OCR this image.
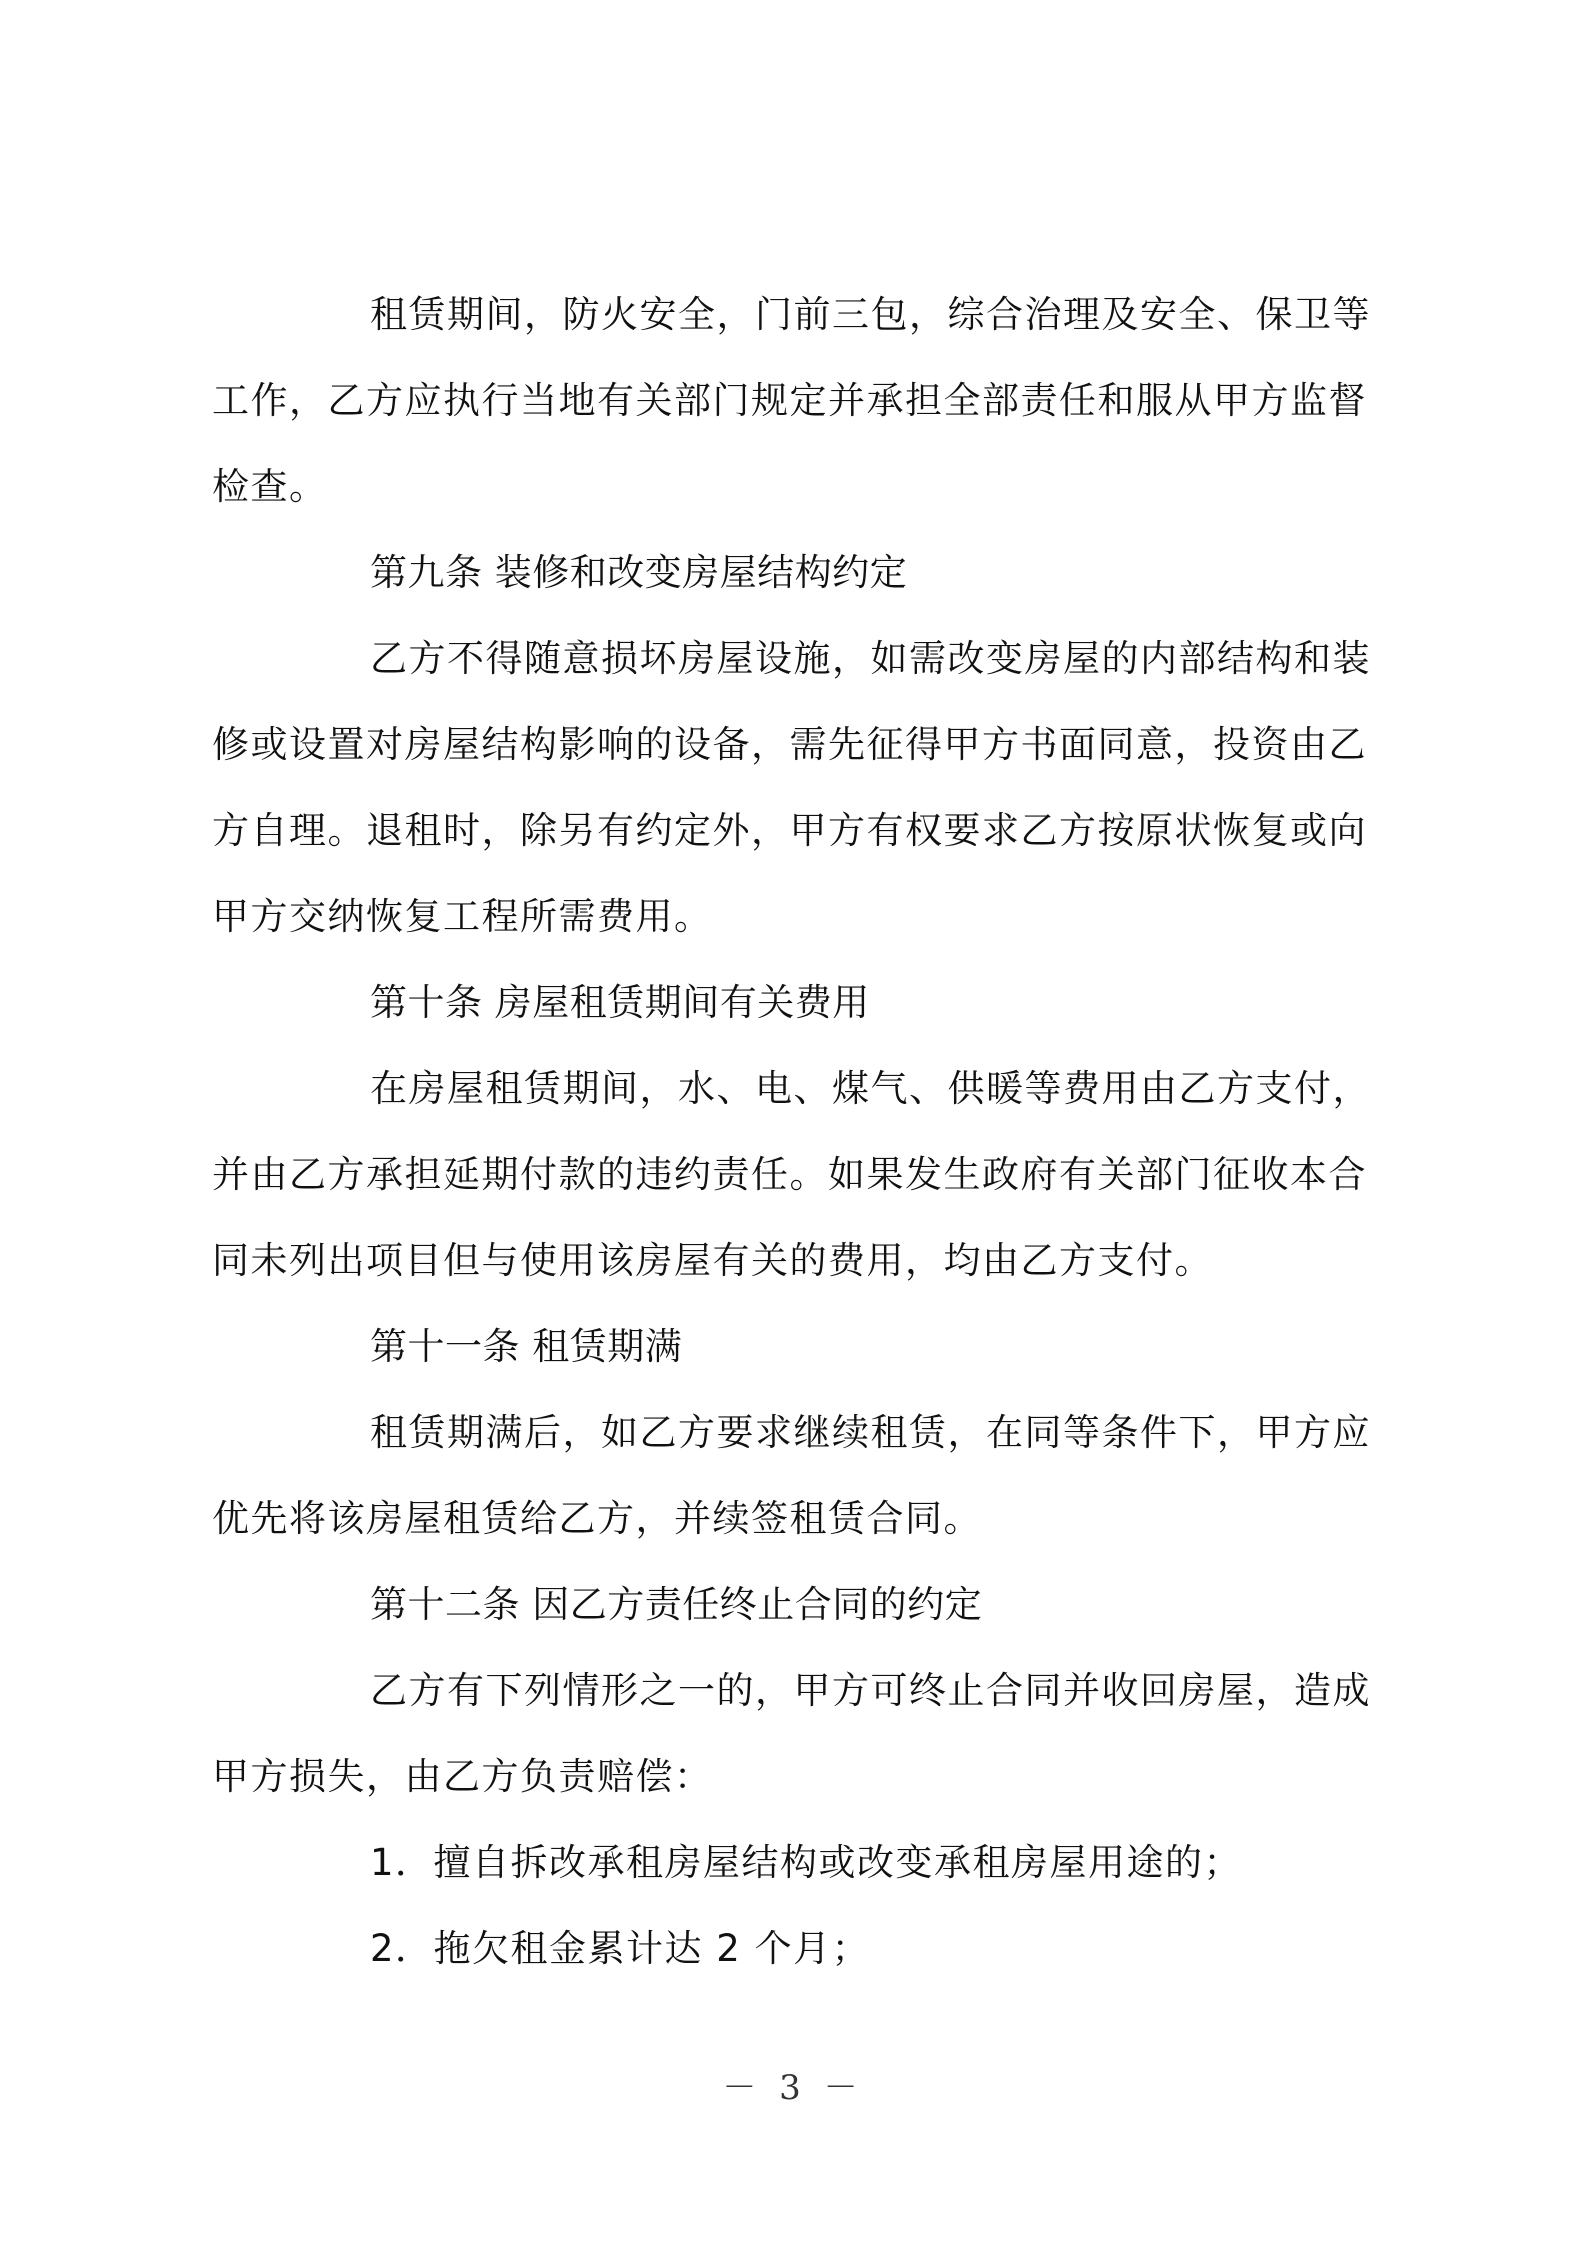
租赁期间，防火安全，门前三包，综合治理及安全、保卫等
工作，乙方应执行当地有关部门规定并承担全部责任和服从甲方监督
检查。
第九条 装修和改变房屋结构约定
乙方不得随意损坏房屋设施，如需改变房屋的内部结构和装
修或设置对房屋结构影响的设备，需先征得甲方书面同意，投资由乙
方自理。退租时，除另有约定外，甲方有权要求乙方按原状恢复或向
甲方交纳恢复工程所需费用。
第十条 房屋租赁期间有关费用
在房屋租赁期间，水、电、煤气、供暖等费用由乙方支付，
并由乙方承担延期付款的违约责任。如果发生政府有关部门征收本合
同未列出项目但与使用该房屋有关的费用，均由乙方支付。
第十一条 租赁期满
租赁期满后，如乙方要求继续租赁，在同等条件下，甲方应
优先将该房屋租赁给乙方，并续签租赁合同。
第十二条 因乙方责任终止合同的约定
乙方有下列情形之一的，甲方可终止合同并收回房屋，造成
甲方损失，由乙方负责赔偿：
1．擅自拆改承租房屋结构或改变承租房屋用途的；
2．拖欠租金累计达 2 个月；
－ 3 －
